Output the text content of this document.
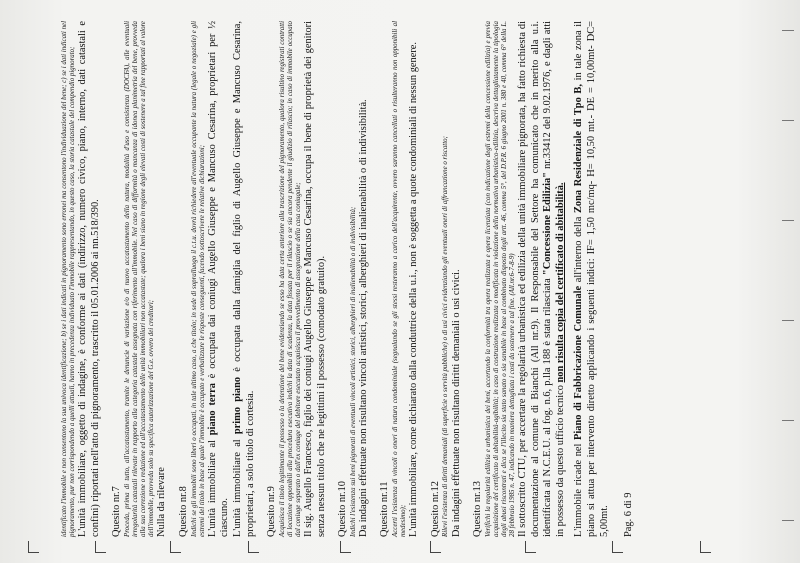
identificato l'immobile e non consentono la sua univoca identificazione; b) se i dati indicati in pignoramento sono erronei ma consentono l'individuazione del bene; c) se i dati indicati nel pignoramento, pur non corrispondendo a quelli attuali, hanno in precedenza individuato l'immobile rappresentando, in questo caso, la storia catastale del compendio pignorato; L'unità immobiliare, oggetto di indagine, è conforme ai dati (indirizzo, numero civico, piano, interno, dati catastali e confini) riportati nell'atto di pignoramento, trascritto il 05.01.2006 ai nn.518/390. Quesito nr.7 Proceda, prima di tutto, all'accatastamento, tramite le denuncie di variazione e/o di nuovo accatastamento della natura, modalità d'uso e consistenza (DOCFA), alle eventuali irregolarità catastali rilevate in rapporto alla categoria catastale assegnata con riferimento all'immobile. Nel caso di difformità o mancanza di idonea planimetria del bene, provveda alla sua correzione o redazione ed all'accatastamento delle unità immobiliari non accatastate; qualora i beni siano in regione degli elevati costi di sostenere a tal fine rapportati al valore dell'immobile, provveda solo su specifica autorizzazione del G.e. ovvero dei creditori; Nulla da rilevare Quesito nr.8 Indichi se gli immobili sono liberi o occupati, in tale ultimo caso, a che titolo; in sede di sopralluogo il c.t.u. dovrà richiedere all'eventuale occupante la natura (legale o negoziale) e gli estremi del titolo in base al quale l'immobile è occupato e verbalizzare le risposte conseguenti, facendo sottoscrivere le relative dichiarazioni; L'unità immobiliare al piano terra è occupata dai coniugi Augello Giuseppe e Mancuso Cesarina, proprietari per ½ ciascuno. L'unità immobiliare al primo piano è occupata dalla famiglia del figlio di Augello Giuseppe e Mancuso Cesarina, proprietari, a solo titolo di cortesia. Quesito nr.9 Acquisisca il titolo legittimante il possesso o la detenzione del bene evidenziando se esso ha data certa anteriore alla trascrizione del pignoramento, qualora risultino registrati contratti di locazione opponibili alla procedura esecutiva indichi la data di scadenza, la data fissata per il rilascio o se sia ancora pendente il giudizio di rilascio; in caso di immobile occupato dal coniuge separato o dall'ex coniuge del debitore esecutato acquisisca il provvedimento di assegnazione della casa coniugale; Il sig. Augello Francesco, figlio dei coniugi Augello Giuseppe e Mancuso Cesarina, occupa il bene di proprietà dei genitori senza nessun titolo che ne legittimi il possesso (comodato gratuito). Quesito nr.10 Indichi l'esistenza sui beni pignorati di eventuali vincoli artistici, storici, alberghieri di inalienabilità o di indivisibilità; Da indagini effettuate non risultano vincoli artistici, storici, alberghieri di inalienabilità o di indivisibilità. Quesito nr.11 Accerti l'esistenza di vincoli o oneri di natura condominiale (segnalando se gli stessi resteranno a carico dell'acquirente, ovvero saranno cancellati o risulteranno non opponibili al medesimo); L'unità immobiliare, come dichiarato dalla conduttrice della u.i., non è soggetta a quote condominiali di nessun genere. Quesito nr.12 Rilevi l'esistenza di diritti demaniali (di superficie o servitù pubbliche) o di usi civici evidenziando gli eventuali oneri di affrancazione o riscatto; Da indagini effettuate non risultano diritti demaniali o usi civici. Quesito nr.13 Verifichi la regolarità edilizia e urbanistica dei beni, accertando la conformità tra opera realizzata e opera licenziata (con indicazione degli estremi della concessione edilizia) e previa acquisizione del certificato di abitabilità-agibilità; in caso di costruzione realizzata o modificata in violazione della normativa urbanistico-edilizia, descriva dettagliatamente la tipologia degli abusi riscontrati e dica se l'illecito sia stato sanato o sia sanabile in base al combinato disposto degli artt. 46, comma 5°, del D.P.R. 6 giugno 2001 n. 380 e 40, comma 6° della L. 28 febbraio 1985 n. 47, indicando in maniera dettagliata i costi da sostenere a tal fine. (All.nr.6-7-8-9) Il sottoscritto CTU, per accertare la regolarità urbanistica ed edilizia della unità immobiliare pignorata, ha fatto richiesta di documentazione al comune di Bianchi (All nr.9). Il Responsabile del Settore ha comunicato che in merito alla u.i. identificata al N.C.E.U. al fog. n.6, p.lla 188 è stata rilasciata "Concessione Edilizia" nr.33412 del 9.02.1976, e dagli atti in possesso da questo ufficio tecnico non risulta copia del certificato di abitabilità.

L'immobile ricade nel Piano di Fabbricazione Comunale all'interno della Zona Residenziale di Tpo B, in tale zona il piano si attua per intervento diretto applicando i seguenti indici: IF= 1,50 mc/mq- H= 10,50 mt.- DE = 10,00mt- DC= 5,00mt. Pag. 6 di 9
